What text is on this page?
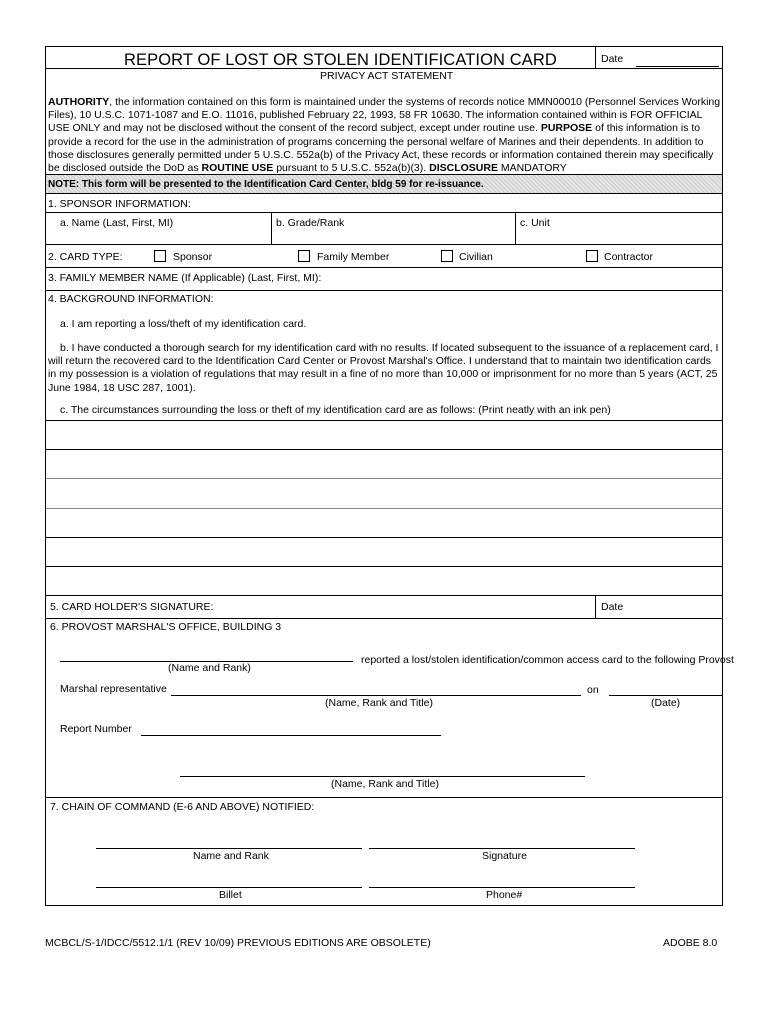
REPORT OF LOST OR STOLEN IDENTIFICATION CARD	Date
PRIVACY ACT STATEMENT
AUTHORITY, the information contained on this form is maintained under the systems of records notice MMN00010 (Personnel Services Working Files), 10 U.S.C. 1071-1087 and E.O. 11016, published February 22, 1993, 58 FR 10630. The information contained within is FOR OFFICIAL USE ONLY and may not be disclosed without the consent of the record subject, except under routine use. PURPOSE of this information is to provide a record for the use in the administration of programs concerning the personal welfare of Marines and their dependents. In addition to those disclosures generally permitted under 5 U.S.C. 552a(b) of the Privacy Act, these records or information contained therein may specifically be disclosed outside the DoD as ROUTINE USE pursuant to 5 U.S.C. 552a(b)(3). DISCLOSURE MANDATORY
NOTE: This form will be presented to the Identification Card Center, bldg 59 for re-issuance.
1. SPONSOR INFORMATION:
a. Name (Last, First, MI)	b. Grade/Rank	c. Unit
2. CARD TYPE:	Sponsor	Family Member	Civilian	Contractor
3. FAMILY MEMBER NAME (If Applicable) (Last, First, MI):
4. BACKGROUND INFORMATION:
a. I am reporting a loss/theft of my identification card.
b. I have conducted a thorough search for my identification card with no results. If located subsequent to the issuance of a replacement card, I will return the recovered card to the Identification Card Center or Provost Marshal's Office. I understand that to maintain two identification cards in my possession is a violation of regulations that may result in a fine of no more than 10,000 or imprisonment for no more than 5 years (ACT, 25 June 1984, 18 USC 287, 1001).
c. The circumstances surrounding the loss or theft of my identification card are as follows: (Print neatly with an ink pen)
5. CARD HOLDER'S SIGNATURE:	Date
6. PROVOST MARSHAL'S OFFICE, BUILDING 3
reported a lost/stolen identification/common access card to the following Provost
(Name and Rank)
Marshal representative	on
(Name, Rank and Title)	(Date)
Report Number
(Name, Rank and Title)
7. CHAIN OF COMMAND (E-6 AND ABOVE) NOTIFIED:
Name and Rank	Signature
Billet	Phone#
MCBCL/S-1/IDCC/5512.1/1 (REV 10/09) PREVIOUS EDITIONS ARE OBSOLETE)	ADOBE 8.0
